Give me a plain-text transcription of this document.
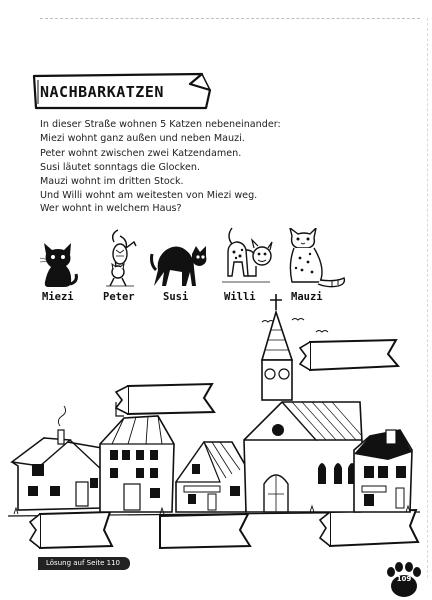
NACHBARKATZEN
In dieser Straße wohnen 5 Katzen nebeneinander:
Miezi wohnt ganz außen und neben Mauzi.
Peter wohnt zwischen zwei Katzendamen.
Susi läutet sonntags die Glocken.
Mauzi wohnt im dritten Stock.
Und Willi wohnt am weitesten von Miezi weg.
Wer wohnt in welchem Haus?
Miezi	Peter	Susi	Willi	Mauzi
Lösung auf Seite 110
109
